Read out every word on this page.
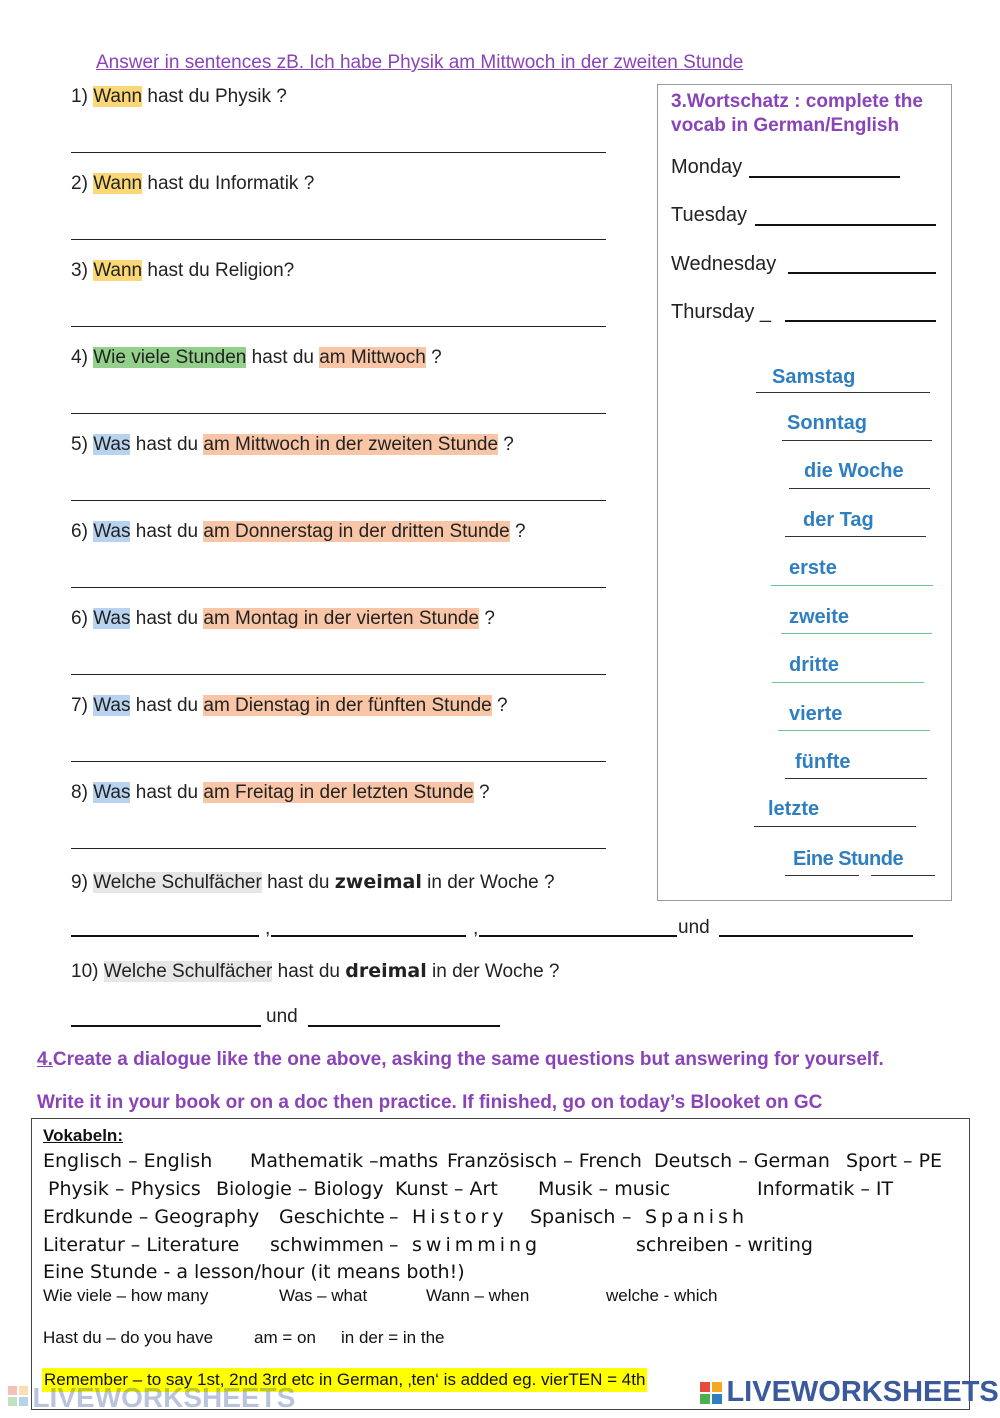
Answer in sentences zB. Ich habe Physik am Mittwoch in der zweiten Stunde
1) Wann hast du Physik ?
2) Wann hast du Informatik ?
3) Wann hast du Religion?
4) Wie viele Stunden hast du am Mittwoch ?
5) Was hast du am Mittwoch in der zweiten Stunde ?
6) Was hast du am Donnerstag in der dritten Stunde ?
6) Was hast du am Montag in der vierten Stunde ?
7) Was hast du am Dienstag in der fünften Stunde ?
8) Was hast du am Freitag in der letzten Stunde ?
9) Welche Schulfächer hast du zweimal in der Woche ?
,	,	und
10) Welche Schulfächer hast du dreimal in der Woche ?
und
3.Wortschatz : complete the vocab in German/English
Monday
Tuesday
Wednesday
Thursday _
Samstag
Sonntag
die Woche
der Tag
erste
zweite
dritte
vierte
fünfte
letzte
Eine Stunde
4.Create a dialogue like the one above, asking the same questions but answering for yourself.
Write it in your book or on a doc then practice. If finished, go on today’s Blooket on GC
Vokabeln:
Englisch – English Mathematik –maths Französisch – French Deutsch – German Sport – PE
Physik – Physics Biologie – Biology Kunst – Art Musik – music	Informatik – IT
Erdkunde – Geography Geschichte – History Spanisch – Spanish
Literatur – Literature schwimmen – swimming	schreiben - writing
Eine Stunde - a lesson/hour (it means both!)
Wie viele – how many	Was – what	Wann – when	welche - which
Hast du – do you have am = on in der = in the
Remember – to say 1st, 2nd 3rd etc in German, ‚ten‘ is added eg. vierTEN = 4th
LIVEWORKSHEETS	LIVEWORKSHEETS
